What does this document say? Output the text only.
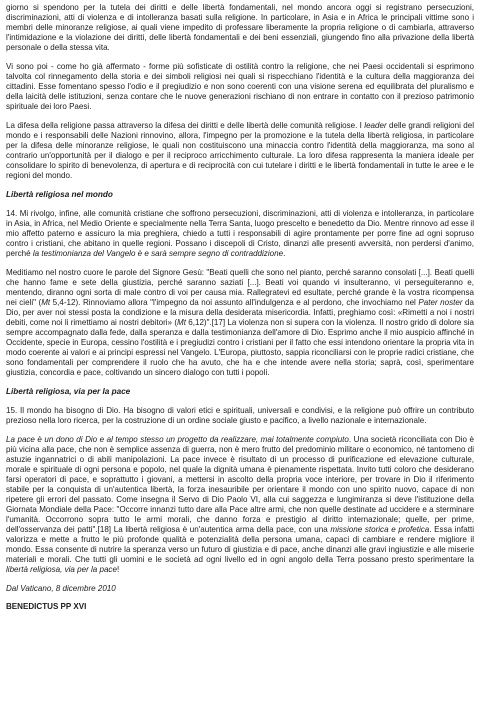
giorno si spendono per la tutela dei diritti e delle libertà fondamentali, nel mondo ancora oggi si registrano persecuzioni, discriminazioni, atti di violenza e di intolleranza basati sulla religione. In particolare, in Asia e in Africa le principali vittime sono i membri delle minoranze religiose, ai quali viene impedito di professare liberamente la propria religione o di cambiarla, attraverso l'intimidazione e la violazione dei diritti, delle libertà fondamentali e dei beni essenziali, giungendo fino alla privazione della libertà personale o della stessa vita.

Vi sono poi - come ho già affermato - forme più sofisticate di ostilità contro la religione, che nei Paesi occidentali si esprimono talvolta col rinnegamento della storia e dei simboli religiosi nei quali si rispecchiano l'identità e la cultura della maggioranza dei cittadini. Esse fomentano spesso l'odio e il pregiudizio e non sono coerenti con una visione serena ed equilibrata del pluralismo e della laicità delle istituzioni, senza contare che le nuove generazioni rischiano di non entrare in contatto con il prezioso patrimonio spirituale dei loro Paesi.

La difesa della religione passa attraverso la difesa dei diritti e delle libertà delle comunità religiose. I leader delle grandi religioni del mondo e i responsabili delle Nazioni rinnovino, allora, l'impegno per la promozione e la tutela della libertà religiosa, in particolare per la difesa delle minoranze religiose, le quali non costituiscono una minaccia contro l'identità della maggioranza, ma sono al contrario un'opportunità per il dialogo e per il reciproco arricchimento culturale. La loro difesa rappresenta la maniera ideale per consolidare lo spirito di benevolenza, di apertura e di reciprocità con cui tutelare i diritti e le libertà fondamentali in tutte le aree e le regioni del mondo.

Libertà religiosa nel mondo

14. Mi rivolgo, infine, alle comunità cristiane che soffrono persecuzioni, discriminazioni, atti di violenza e intolleranza, in particolare in Asia, in Africa, nel Medio Oriente e specialmente nella Terra Santa, luogo prescelto e benedetto da Dio. Mentre rinnovo ad esse il mio affetto paterno e assicuro la mia preghiera, chiedo a tutti i responsabili di agire prontamente per porre fine ad ogni sopruso contro i cristiani, che abitano in quelle regioni. Possano i discepoli di Cristo, dinanzi alle presenti avversità, non perdersi d'animo, perché la testimonianza del Vangelo è e sarà sempre segno di contraddizione.

Meditiamo nel nostro cuore le parole del Signore Gesù: "Beati quelli che sono nel pianto, perché saranno consolati [...]. Beati quelli che hanno fame e sete della giustizia, perché saranno saziati [...]. Beati voi quando vi insulteranno, vi perseguiteranno e, mentendo, diranno ogni sorta di male contro di voi per causa mia. Rallegratevi ed esultate, perché grande è la vostra ricompensa nei cieli" (Mt 5,4-12). Rinnoviamo allora "l'impegno da noi assunto all'indulgenza e al perdono, che invochiamo nel Pater noster da Dio, per aver noi stessi posta la condizione e la misura della desiderata misericordia. Infatti, preghiamo così: «Rimetti a noi i nostri debiti, come noi li rimettiamo ai nostri debitori» (Mt 6,12)".[17] La violenza non si supera con la violenza. Il nostro grido di dolore sia sempre accompagnato dalla fede, dalla speranza e dalla testimonianza dell'amore di Dio. Esprimo anche il mio auspicio affinché in Occidente, specie in Europa, cessino l'ostilità e i pregiudizi contro i cristiani per il fatto che essi intendono orientare la propria vita in modo coerente ai valori e ai principi espressi nel Vangelo. L'Europa, piuttosto, sappia riconciliarsi con le proprie radici cristiane, che sono fondamentali per comprendere il ruolo che ha avuto, che ha e che intende avere nella storia; saprà, così, sperimentare giustizia, concordia e pace, coltivando un sincero dialogo con tutti i popoli.

Libertà religiosa, via per la pace

15. Il mondo ha bisogno di Dio. Ha bisogno di valori etici e spirituali, universali e condivisi, e la religione può offrire un contributo prezioso nella loro ricerca, per la costruzione di un ordine sociale giusto e pacifico, a livello nazionale e internazionale.

La pace è un dono di Dio e al tempo stesso un progetto da realizzare, mai totalmente compiuto. Una società riconciliata con Dio è più vicina alla pace, che non è semplice assenza di guerra, non è mero frutto del predominio militare o economico, né tantomeno di astuzie ingannatrici o di abili manipolazioni. La pace invece è risultato di un processo di purificazione ed elevazione culturale, morale e spirituale di ogni persona e popolo, nel quale la dignità umana è pienamente rispettata. Invito tutti coloro che desiderano farsi operatori di pace, e soprattutto i giovani, a mettersi in ascolto della propria voce interiore, per trovare in Dio il riferimento stabile per la conquista di un'autentica libertà, la forza inesauribile per orientare il mondo con uno spirito nuovo, capace di non ripetere gli errori del passato. Come insegna il Servo di Dio Paolo VI, alla cui saggezza e lungimiranza si deve l'istituzione della Giornata Mondiale della Pace: "Occorre innanzi tutto dare alla Pace altre armi, che non quelle destinate ad uccidere e a sterminare l'umanità. Occorrono sopra tutto le armi morali, che danno forza e prestigio al diritto internazionale; quelle, per prime, dell'osservanza dei patti".[18] La libertà religiosa è un'autentica arma della pace, con una missione storica e profetica. Essa infatti valorizza e mette a frutto le più profonde qualità e potenzialità della persona umana, capaci di cambiare e rendere migliore il mondo. Essa consente di nutrire la speranza verso un futuro di giustizia e di pace, anche dinanzi alle gravi ingiustizie e alle miserie materiali e morali. Che tutti gli uomini e le società ad ogni livello ed in ogni angolo della Terra possano presto sperimentare la libertà religiosa, via per la pace!

Dal Vaticano, 8 dicembre 2010

BENEDICTUS PP XVI
